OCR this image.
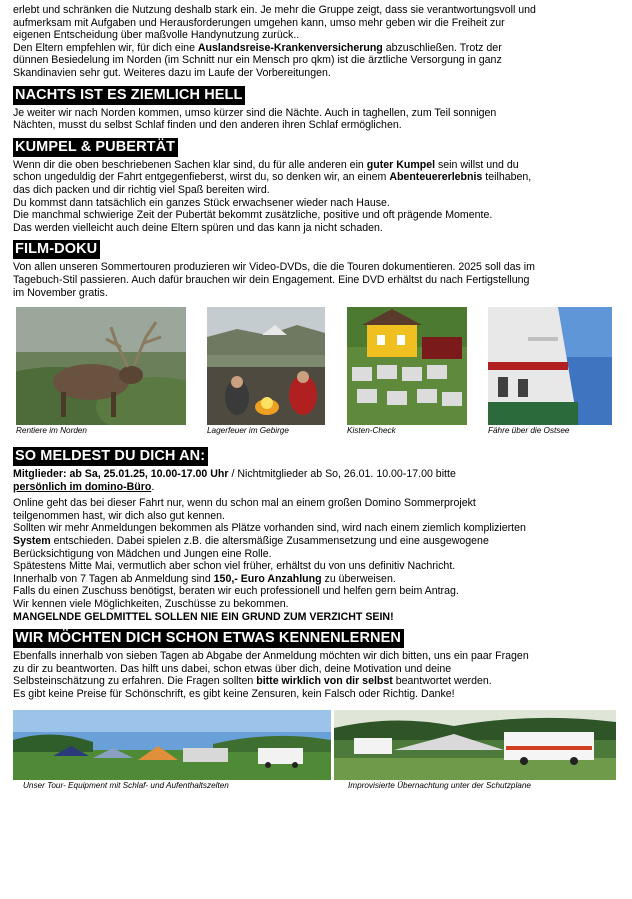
erlebt und schränken die Nutzung deshalb stark ein. Je mehr die Gruppe zeigt, dass sie verantwortungsvoll und

aufmerksam mit Aufgaben und Herausforderungen umgehen kann, umso mehr geben wir die Freiheit zur

eigenen Entscheidung über maßvolle Handynutzung zurück..

Den Eltern empfehlen wir, für dich eine Auslandsreise-Krankenversicherung abzuschließen. Trotz der

dünnen Besiedelung im Norden (im Schnitt nur ein Mensch pro qkm) ist die ärztliche Versorgung in ganz

Skandinavien sehr gut. Weiteres dazu im Laufe der Vorbereitungen.

NACHTS IST ES ZIEMLICH HELL

Je weiter wir nach Norden kommen, umso kürzer sind die Nächte. Auch in taghellen, zum Teil sonnigen

Nächten, musst du selbst Schlaf finden und den anderen ihren Schlaf ermöglichen.

KUMPEL & PUBERTÄT

Wenn dir die oben beschriebenen Sachen klar sind, du für alle anderen ein guter Kumpel sein willst und du

schon ungeduldig der Fahrt entgegenfieberst, wirst du, so denken wir, an einem Abenteuererlebnis teilhaben,

das dich packen und dir richtig viel Spaß bereiten wird.

Du kommst dann tatsächlich ein ganzes Stück erwachsener wieder nach Hause.

Die manchmal schwierige Zeit der Pubertät bekommt zusätzliche, positive und oft prägende Momente.

Das werden vielleicht auch deine Eltern spüren und das kann ja nicht schaden.

FILM-DOKU

Von allen unseren Sommertouren produzieren wir Video-DVDs, die die Touren dokumentieren. 2025 soll das im

Tagebuch-Stil passieren. Auch dafür brauchen wir dein Engagement. Eine DVD erhältst du nach Fertigstellung

im November gratis.

Rentiere im Norden	Lagerfeuer im Gebirge	Kisten-Check	Fähre über die Ostsee
SO MELDEST DU DICH AN:

Mitglieder: ab Sa, 25.01.25, 10.00-17.00 Uhr / Nichtmitglieder ab So, 26.01. 10.00-17.00 bitte

persönlich im domino-Büro.

Online geht das bei dieser Fahrt nur, wenn du schon mal an einem großen Domino Sommerprojekt

teilgenommen hast, wir dich also gut kennen.

Sollten wir mehr Anmeldungen bekommen als Plätze vorhanden sind, wird nach einem ziemlich komplizierten

System entschieden. Dabei spielen z.B. die altersmäßige Zusammensetzung und eine ausgewogene

Berücksichtigung von Mädchen und Jungen eine Rolle.

Spätestens Mitte Mai, vermutlich aber schon viel früher, erhältst du von uns definitiv Nachricht.

Innerhalb von 7 Tagen ab Anmeldung sind 150,- Euro Anzahlung zu überweisen.

Falls du einen Zuschuss benötigst, beraten wir euch professionell und helfen gern beim Antrag.

Wir kennen viele Möglichkeiten, Zuschüsse zu bekommen.

MANGELNDE GELDMITTEL SOLLEN NIE EIN GRUND ZUM VERZICHT SEIN!

WIR MÖCHTEN DICH SCHON ETWAS KENNENLERNEN

Ebenfalls innerhalb von sieben Tagen ab Abgabe der Anmeldung möchten wir dich bitten, uns ein paar Fragen

zu dir zu beantworten. Das hilft uns dabei, schon etwas über dich, deine Motivation und deine

Selbsteinschätzung zu erfahren. Die Fragen sollten bitte wirklich von dir selbst beantwortet werden.

Es gibt keine Preise für Schönschrift, es gibt keine Zensuren, kein Falsch oder Richtig. Danke!

Unser Tour- Equipment mit Schlaf- und Aufenthaltszelten	Improvisierte Übernachtung unter der Schutzplane
